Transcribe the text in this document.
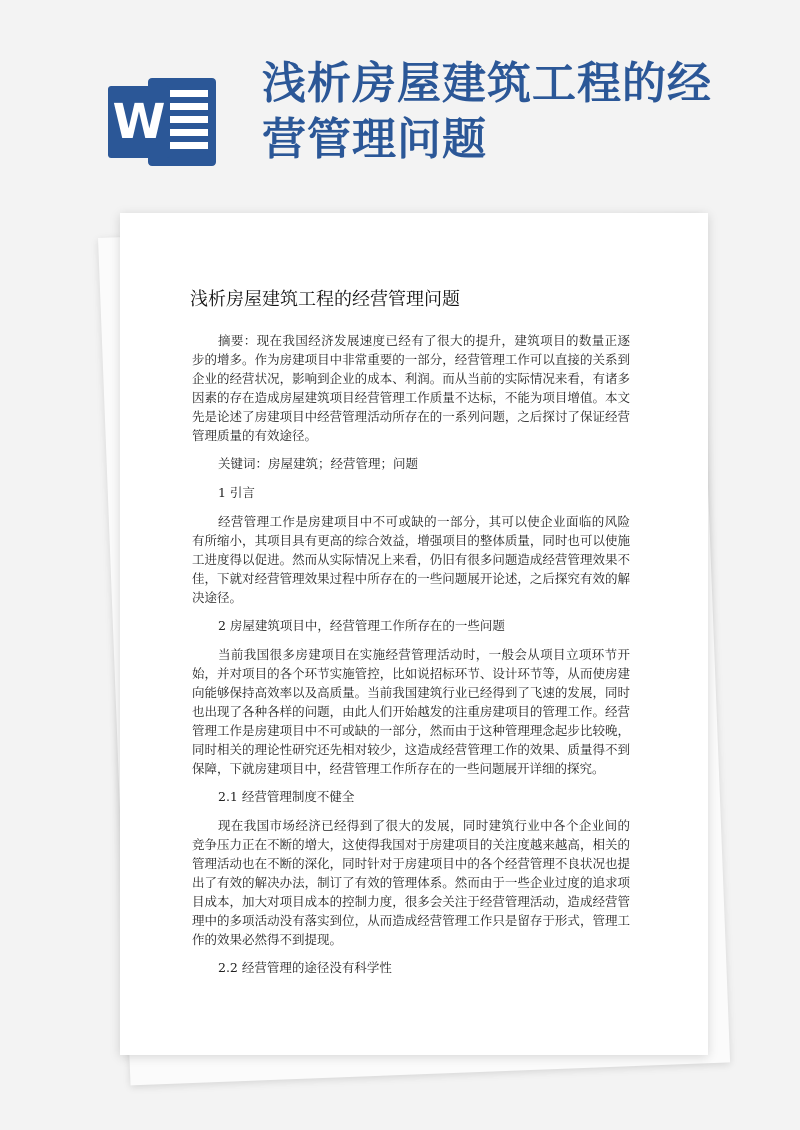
W
浅析房屋建筑工程的经
营管理问题
浅析房屋建筑工程的经营管理问题

摘要：现在我国经济发展速度已经有了很大的提升，建筑项目的数量正逐步的增多。作为房建项目中非常重要的一部分，经营管理工作可以直接的关系到企业的经营状况，影响到企业的成本、利润。而从当前的实际情况来看，有诸多因素的存在造成房屋建筑项目经营管理工作质量不达标，不能为项目增值。本文先是论述了房建项目中经营管理活动所存在的一系列问题，之后探讨了保证经营管理质量的有效途径。

关键词：房屋建筑；经营管理；问题

1 引言

经营管理工作是房建项目中不可或缺的一部分，其可以使企业面临的风险有所缩小，其项目具有更高的综合效益，增强项目的整体质量，同时也可以使施工进度得以促进。然而从实际情况上来看，仍旧有很多问题造成经营管理效果不佳，下就对经营管理效果过程中所存在的一些问题展开论述，之后探究有效的解决途径。

2 房屋建筑项目中，经营管理工作所存在的一些问题

当前我国很多房建项目在实施经营管理活动时，一般会从项目立项环节开始，并对项目的各个环节实施管控，比如说招标环节、设计环节等，从而使房建向能够保持高效率以及高质量。当前我国建筑行业已经得到了飞速的发展，同时也出现了各种各样的问题，由此人们开始越发的注重房建项目的管理工作。经营管理工作是房建项目中不可或缺的一部分，然而由于这种管理理念起步比较晚，同时相关的理论性研究还先相对较少，这造成经营管理工作的效果、质量得不到保障，下就房建项目中，经营管理工作所存在的一些问题展开详细的探究。

2.1 经营管理制度不健全

现在我国市场经济已经得到了很大的发展，同时建筑行业中各个企业间的竞争压力正在不断的增大，这使得我国对于房建项目的关注度越来越高，相关的管理活动也在不断的深化，同时针对于房建项目中的各个经营管理不良状况也提出了有效的解决办法，制订了有效的管理体系。然而由于一些企业过度的追求项目成本，加大对项目成本的控制力度，很多会关注于经营管理活动，造成经营管理中的多项活动没有落实到位，从而造成经营管理工作只是留存于形式，管理工作的效果必然得不到提现。

2.2 经营管理的途径没有科学性
